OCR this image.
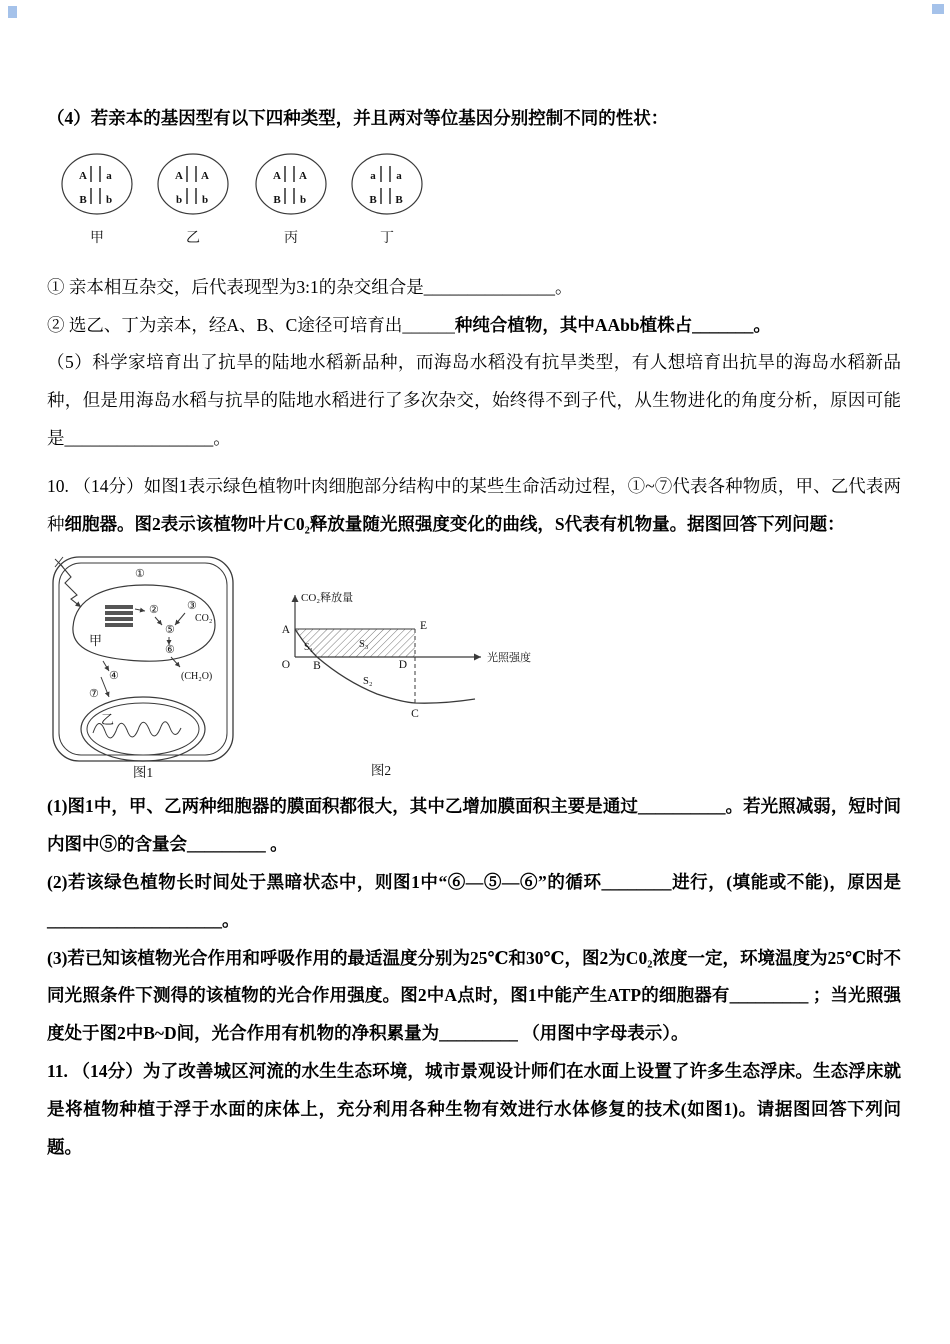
（4）若亲本的基因型有以下四种类型，并且两对等位基因分别控制不同的性状：

A a
B b
甲
A A
b b
乙
A A
B b
丙
a a
B B
丁

① 亲本相互杂交，后代表现型为3:1的杂交组合是_______________。

② 选乙、丁为亲本，经A、B、C途径可培育出______种纯合植物，其中AAbb植株占_______。

（5）科学家培育出了抗旱的陆地水稻新品种，而海岛水稻没有抗旱类型，有人想培育出抗旱的海岛水稻新品种，但是用海岛水稻与抗旱的陆地水稻进行了多次杂交，始终得不到子代，从生物进化的角度分析，原因可能是_________________。

10. （14分）如图1表示绿色植物叶肉细胞部分结构中的某些生命活动过程，①~⑦代表各种物质，甲、乙代表两种细胞器。图2表示该植物叶片C0₂释放量随光照强度变化的曲线，S代表有机物量。据图回答下列问题：

①
甲
②	③
⑤
⑥
CO₂
(CH₂O)
④
⑦
乙
图1
CO₂释放量
光照强度
A
O B
S₁	S₃
S₂
D
E
C
图2

(1)图1中，甲、乙两种细胞器的膜面积都很大，其中乙增加膜面积主要是通过__________。若光照减弱，短时间内图中⑤的含量会_________ 。

(2)若该绿色植物长时间处于黑暗状态中，则图1中“⑥—⑤—⑥”的循环________进行，(填能或不能)，原因是____________________。

(3)若已知该植物光合作用和呼吸作用的最适温度分别为25℃和30℃，图2为C0₂浓度一定，环境温度为25℃时不同光照条件下测得的该植物的光合作用强度。图2中A点时，图1中能产生ATP的细胞器有_________ ；当光照强度处于图2中B~D间，光合作用有机物的净积累量为_________ （用图中字母表示）。

11. （14分）为了改善城区河流的水生生态环境，城市景观设计师们在水面上设置了许多生态浮床。生态浮床就是将植物种植于浮于水面的床体上，充分利用各种生物有效进行水体修复的技术(如图1)。请据图回答下列问题。
